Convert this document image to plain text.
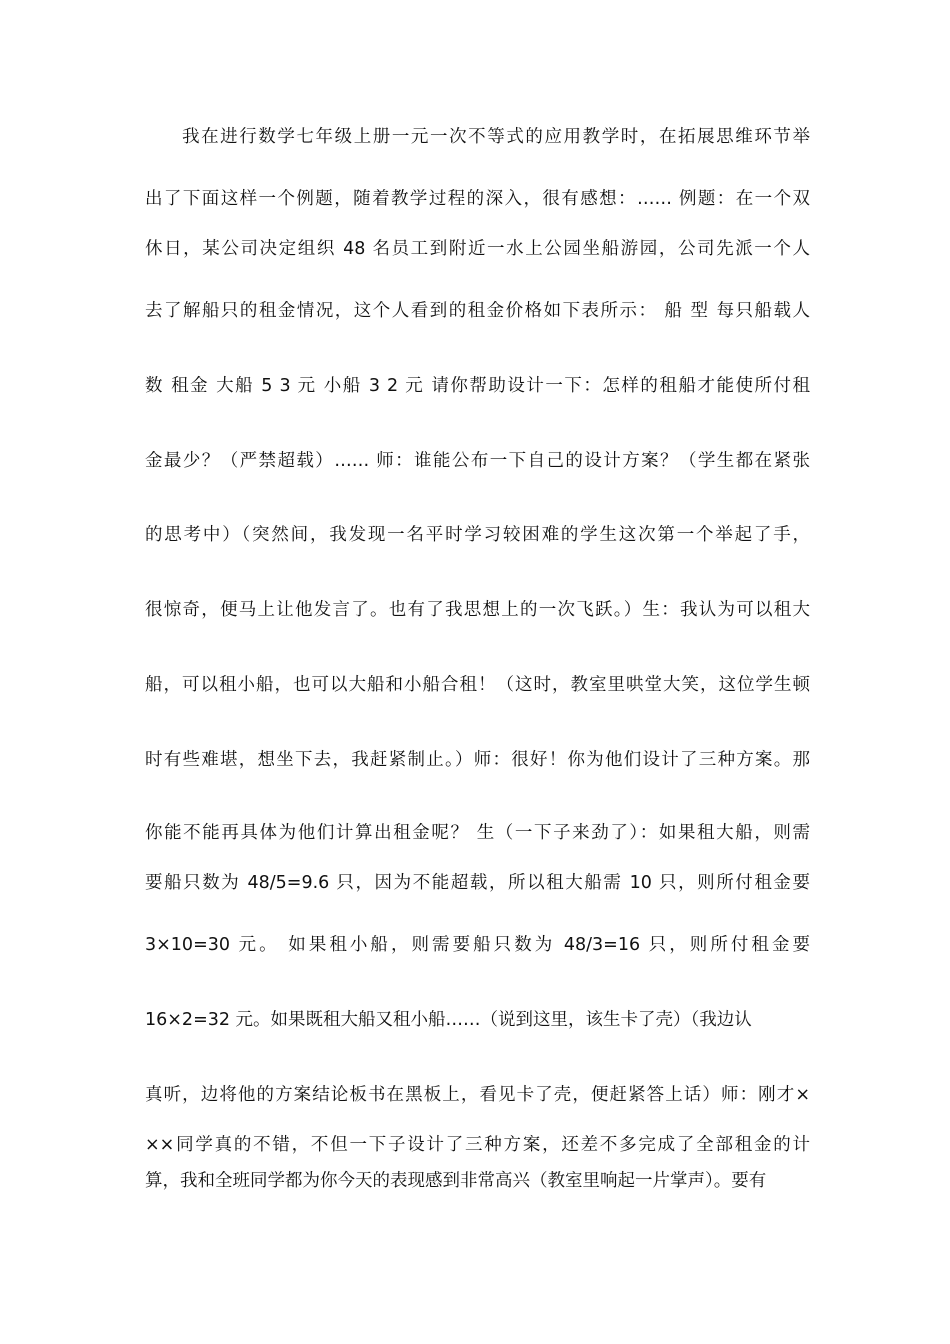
我在进行数学七年级上册一元一次不等式的应用教学时，在拓展思维环节举
出了下面这样一个例题，随着教学过程的深入，很有感想：…… 例题：在一个双
休日，某公司决定组织 48 名员工到附近一水上公园坐船游园，公司先派一个人
去了解船只的租金情况，这个人看到的租金价格如下表所示： 船 型 每只船载人
数 租金 大船 5 3 元 小船 3 2 元 请你帮助设计一下：怎样的租船才能使所付租
金最少？（严禁超载）…… 师：谁能公布一下自己的设计方案？（学生都在紧张
的思考中）（突然间，我发现一名平时学习较困难的学生这次第一个举起了手，
很惊奇，便马上让他发言了。也有了我思想上的一次飞跃。）生：我认为可以租大
船，可以租小船，也可以大船和小船合租！（这时，教室里哄堂大笑，这位学生顿
时有些难堪，想坐下去，我赶紧制止。）师：很好！你为他们设计了三种方案。那
你能不能再具体为他们计算出租金呢？ 生（一下子来劲了）：如果租大船，则需
要船只数为 48/5=9.6 只，因为不能超载，所以租大船需 10 只，则所付租金要
3×10=30 元。 如果租小船，则需要船只数为 48/3=16 只，则所付租金要
16×2=32 元。如果既租大船又租小船……（说到这里，该生卡了壳）（我边认
真听，边将他的方案结论板书在黑板上，看见卡了壳，便赶紧答上话）师：刚才×
××同学真的不错，不但一下子设计了三种方案，还差不多完成了全部租金的计
算，我和全班同学都为你今天的表现感到非常高兴（教室里响起一片掌声）。要有
